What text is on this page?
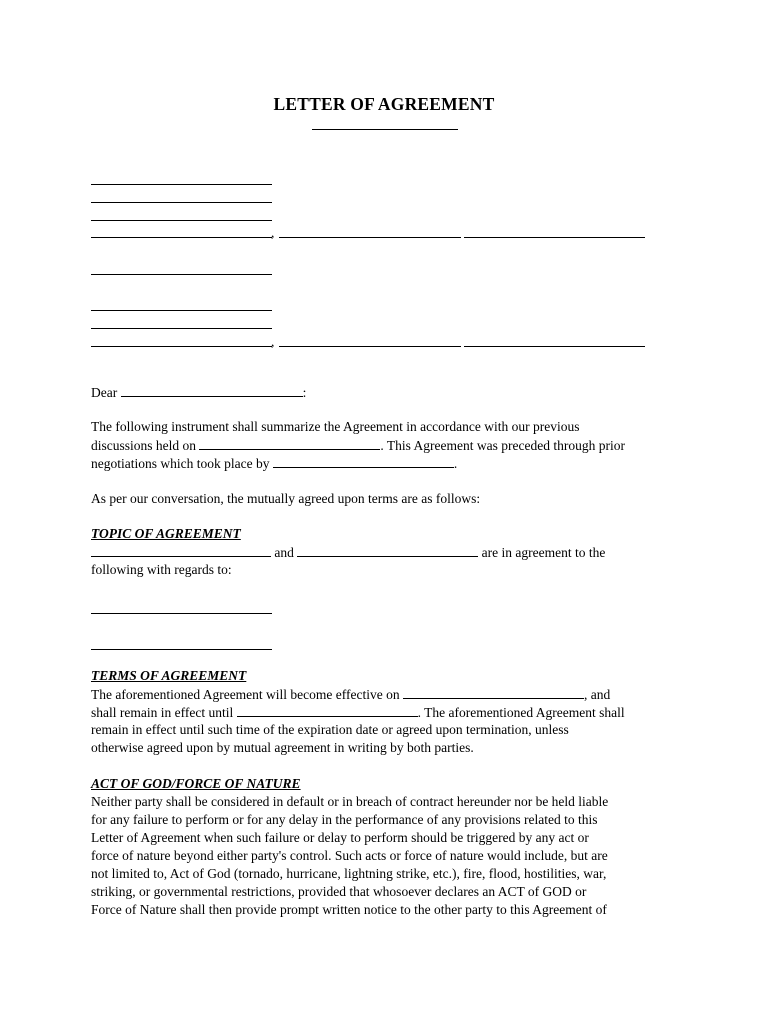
LETTER OF AGREEMENT
,
,
Dear	:
The following instrument shall summarize the Agreement in accordance with our previous
discussions held on	. This Agreement was preceded through prior
negotiations which took place by	.
As per our conversation, the mutually agreed upon terms are as follows:
TOPIC OF AGREEMENT
and	are in agreement to the
following with regards to:
TERMS OF AGREEMENT
The aforementioned Agreement will become effective on	, and
shall remain in effect until	. The aforementioned Agreement shall
remain in effect until such time of the expiration date or agreed upon termination, unless
otherwise agreed upon by mutual agreement in writing by both parties.
ACT OF GOD/FORCE OF NATURE
Neither party shall be considered in default or in breach of contract hereunder nor be held liable
for any failure to perform or for any delay in the performance of any provisions related to this
Letter of Agreement when such failure or delay to perform should be triggered by any act or
force of nature beyond either party's control. Such acts or force of nature would include, but are
not limited to, Act of God (tornado, hurricane, lightning strike, etc.), fire, flood, hostilities, war,
striking, or governmental restrictions, provided that whosoever declares an ACT of GOD or
Force of Nature shall then provide prompt written notice to the other party to this Agreement of
